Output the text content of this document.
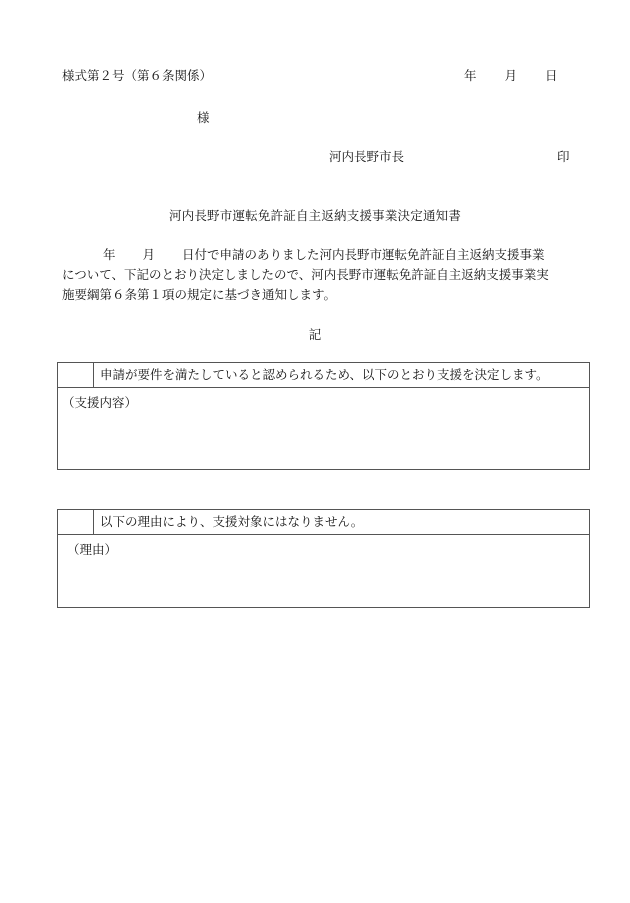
様式第２号（第６条関係）	年 月 日
様
河内長野市長	印
河内長野市運転免許証自主返納支援事業決定通知書

年 月 日付で申請のありました河内長野市運転免許証自主返納支援事業

について、下記のとおり決定しましたので、河内長野市運転免許証自主返納支援事業実

施要綱第６条第１項の規定に基づき通知します。

記
申請が要件を満たしていると認められるため、以下のとおり支援を決定します。
（支援内容）
以下の理由により、支援対象にはなりません。
（理由）
